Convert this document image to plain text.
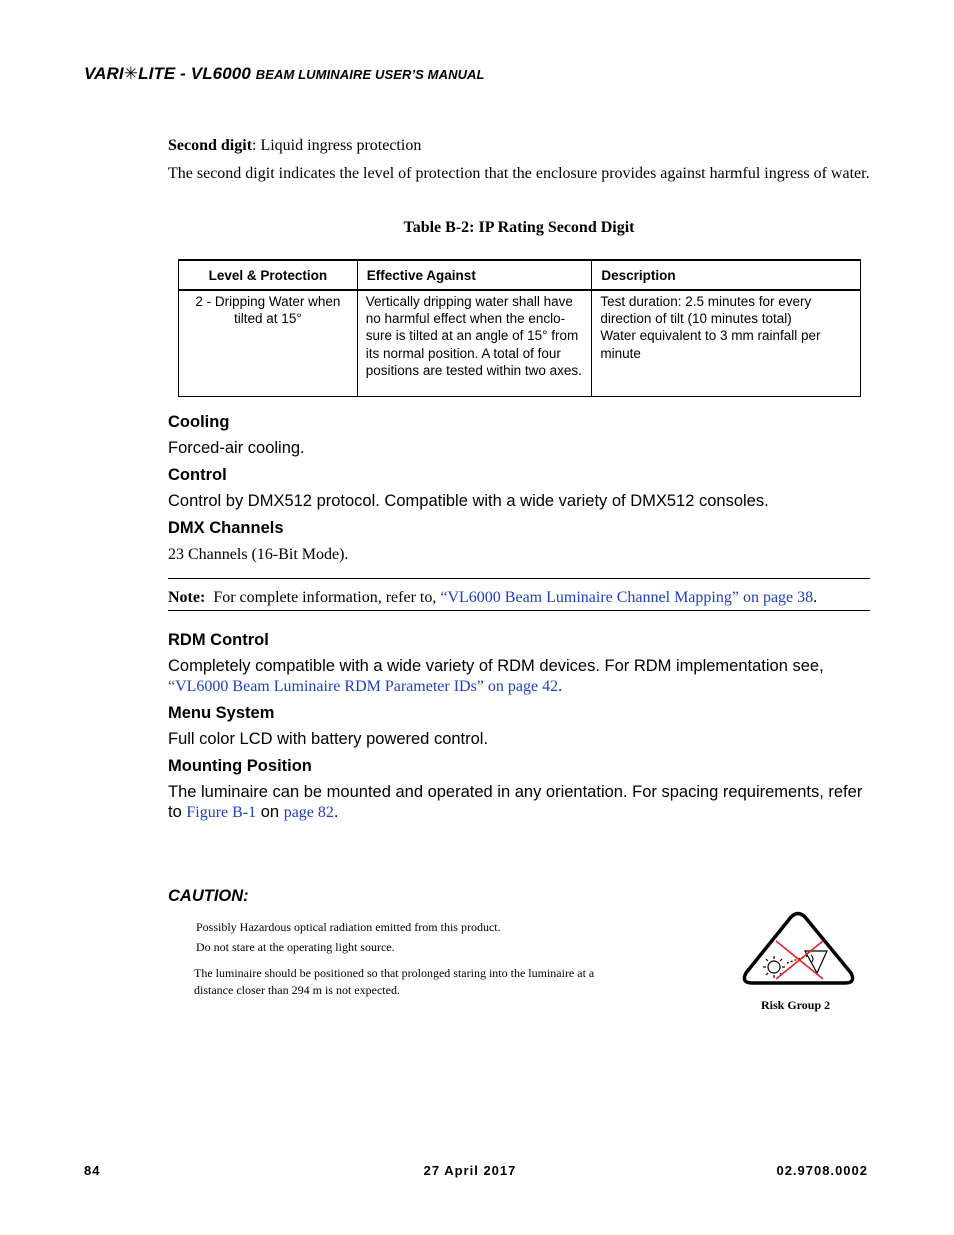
VARI✳LITE - VL6000 BEAM LUMINAIRE USER’S MANUAL
Second digit: Liquid ingress protection
The second digit indicates the level of protection that the enclosure provides against harmful ingress of water.
Table B-2: IP Rating Second Digit
Level & Protection	Effective Against	Description
2 - Dripping Water when tilted at 15°	Vertically dripping water shall have no harmful effect when the enclo-sure is tilted at an angle of 15° from its normal position. A total of four positions are tested within two axes.	Test duration: 2.5 minutes for every direction of tilt (10 minutes total)
Water equivalent to 3 mm rainfall per minute
Cooling
Forced-air cooling.
Control
Control by DMX512 protocol. Compatible with a wide variety of DMX512 consoles.
DMX Channels
23 Channels (16-Bit Mode).
Note: For complete information, refer to, “VL6000 Beam Luminaire Channel Mapping” on page 38.
RDM Control
Completely compatible with a wide variety of RDM devices. For RDM implementation see,
“VL6000 Beam Luminaire RDM Parameter IDs” on page 42.
Menu System
Full color LCD with battery powered control.
Mounting Position
The luminaire can be mounted and operated in any orientation. For spacing requirements, refer to Figure B-1 on page 82.
CAUTION:
Possibly Hazardous optical radiation emitted from this product.
Do not stare at the operating light source.
The luminaire should be positioned so that prolonged staring into the luminaire at a distance closer than 294 m is not expected.
Risk Group 2
84	27 April 2017	02.9708.0002
